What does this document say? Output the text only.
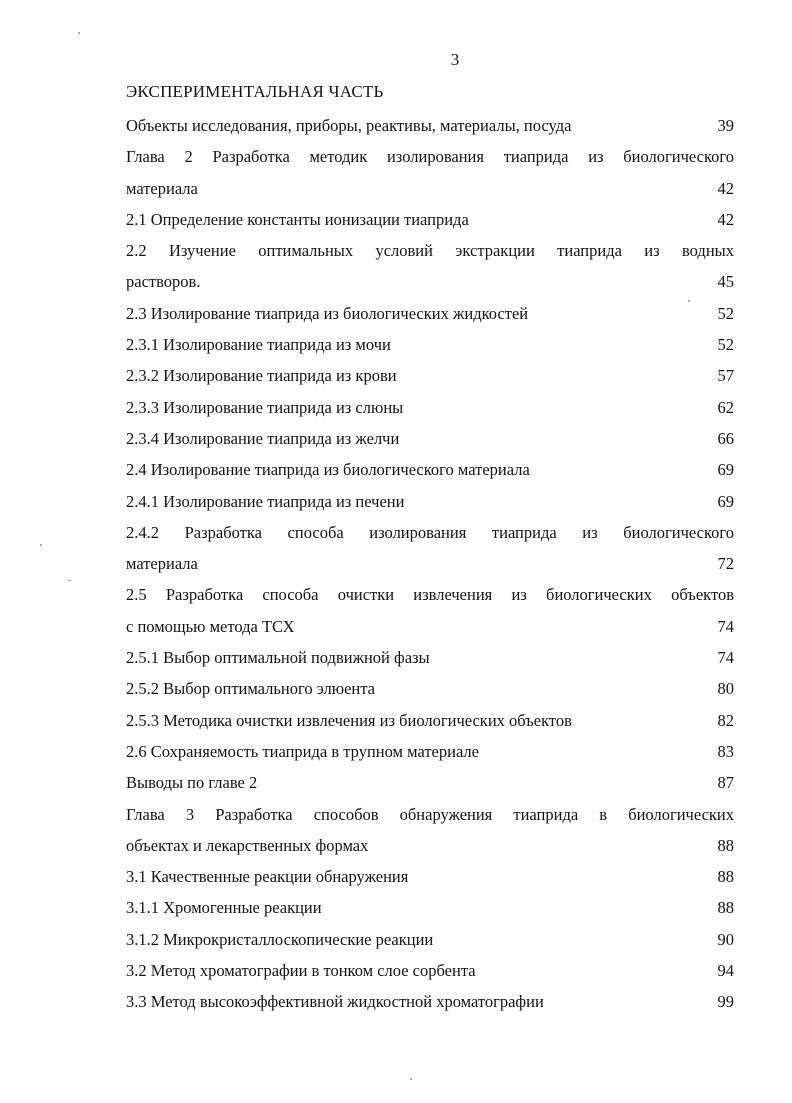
3
ЭКСПЕРИМЕНТАЛЬНАЯ ЧАСТЬ
Объекты исследования, приборы, реактивы, материалы, посуда	39
Глава 2 Разработка методик изолирования тиаприда из биологического
материала	42
2.1 Определение константы ионизации тиаприда	42
2.2 Изучение оптимальных условий экстракции тиаприда из водных
растворов.	45
2.3 Изолирование тиаприда из биологических жидкостей	52
2.3.1 Изолирование тиаприда из мочи	52
2.3.2 Изолирование тиаприда из крови	57
2.3.3 Изолирование тиаприда из слюны	62
2.3.4 Изолирование тиаприда из желчи	66
2.4 Изолирование тиаприда из биологического материала	69
2.4.1 Изолирование тиаприда из печени	69
2.4.2 Разработка способа изолирования тиаприда из биологического
материала	72
2.5 Разработка способа очистки извлечения из биологических объектов
с помощью метода ТСХ	74
2.5.1 Выбор оптимальной подвижной фазы	74
2.5.2 Выбор оптимального элюента	80
2.5.3 Методика очистки извлечения из биологических объектов	82
2.6 Сохраняемость тиаприда в трупном материале	83
Выводы по главе 2	87
Глава 3 Разработка способов обнаружения тиаприда в биологических
объектах и лекарственных формах	88
3.1 Качественные реакции обнаружения	88
3.1.1 Хромогенные реакции	88
3.1.2 Микрокристаллоскопические реакции	90
3.2 Метод хроматографии в тонком слое сорбента	94
3.3 Метод высокоэффективной жидкостной хроматографии	99
